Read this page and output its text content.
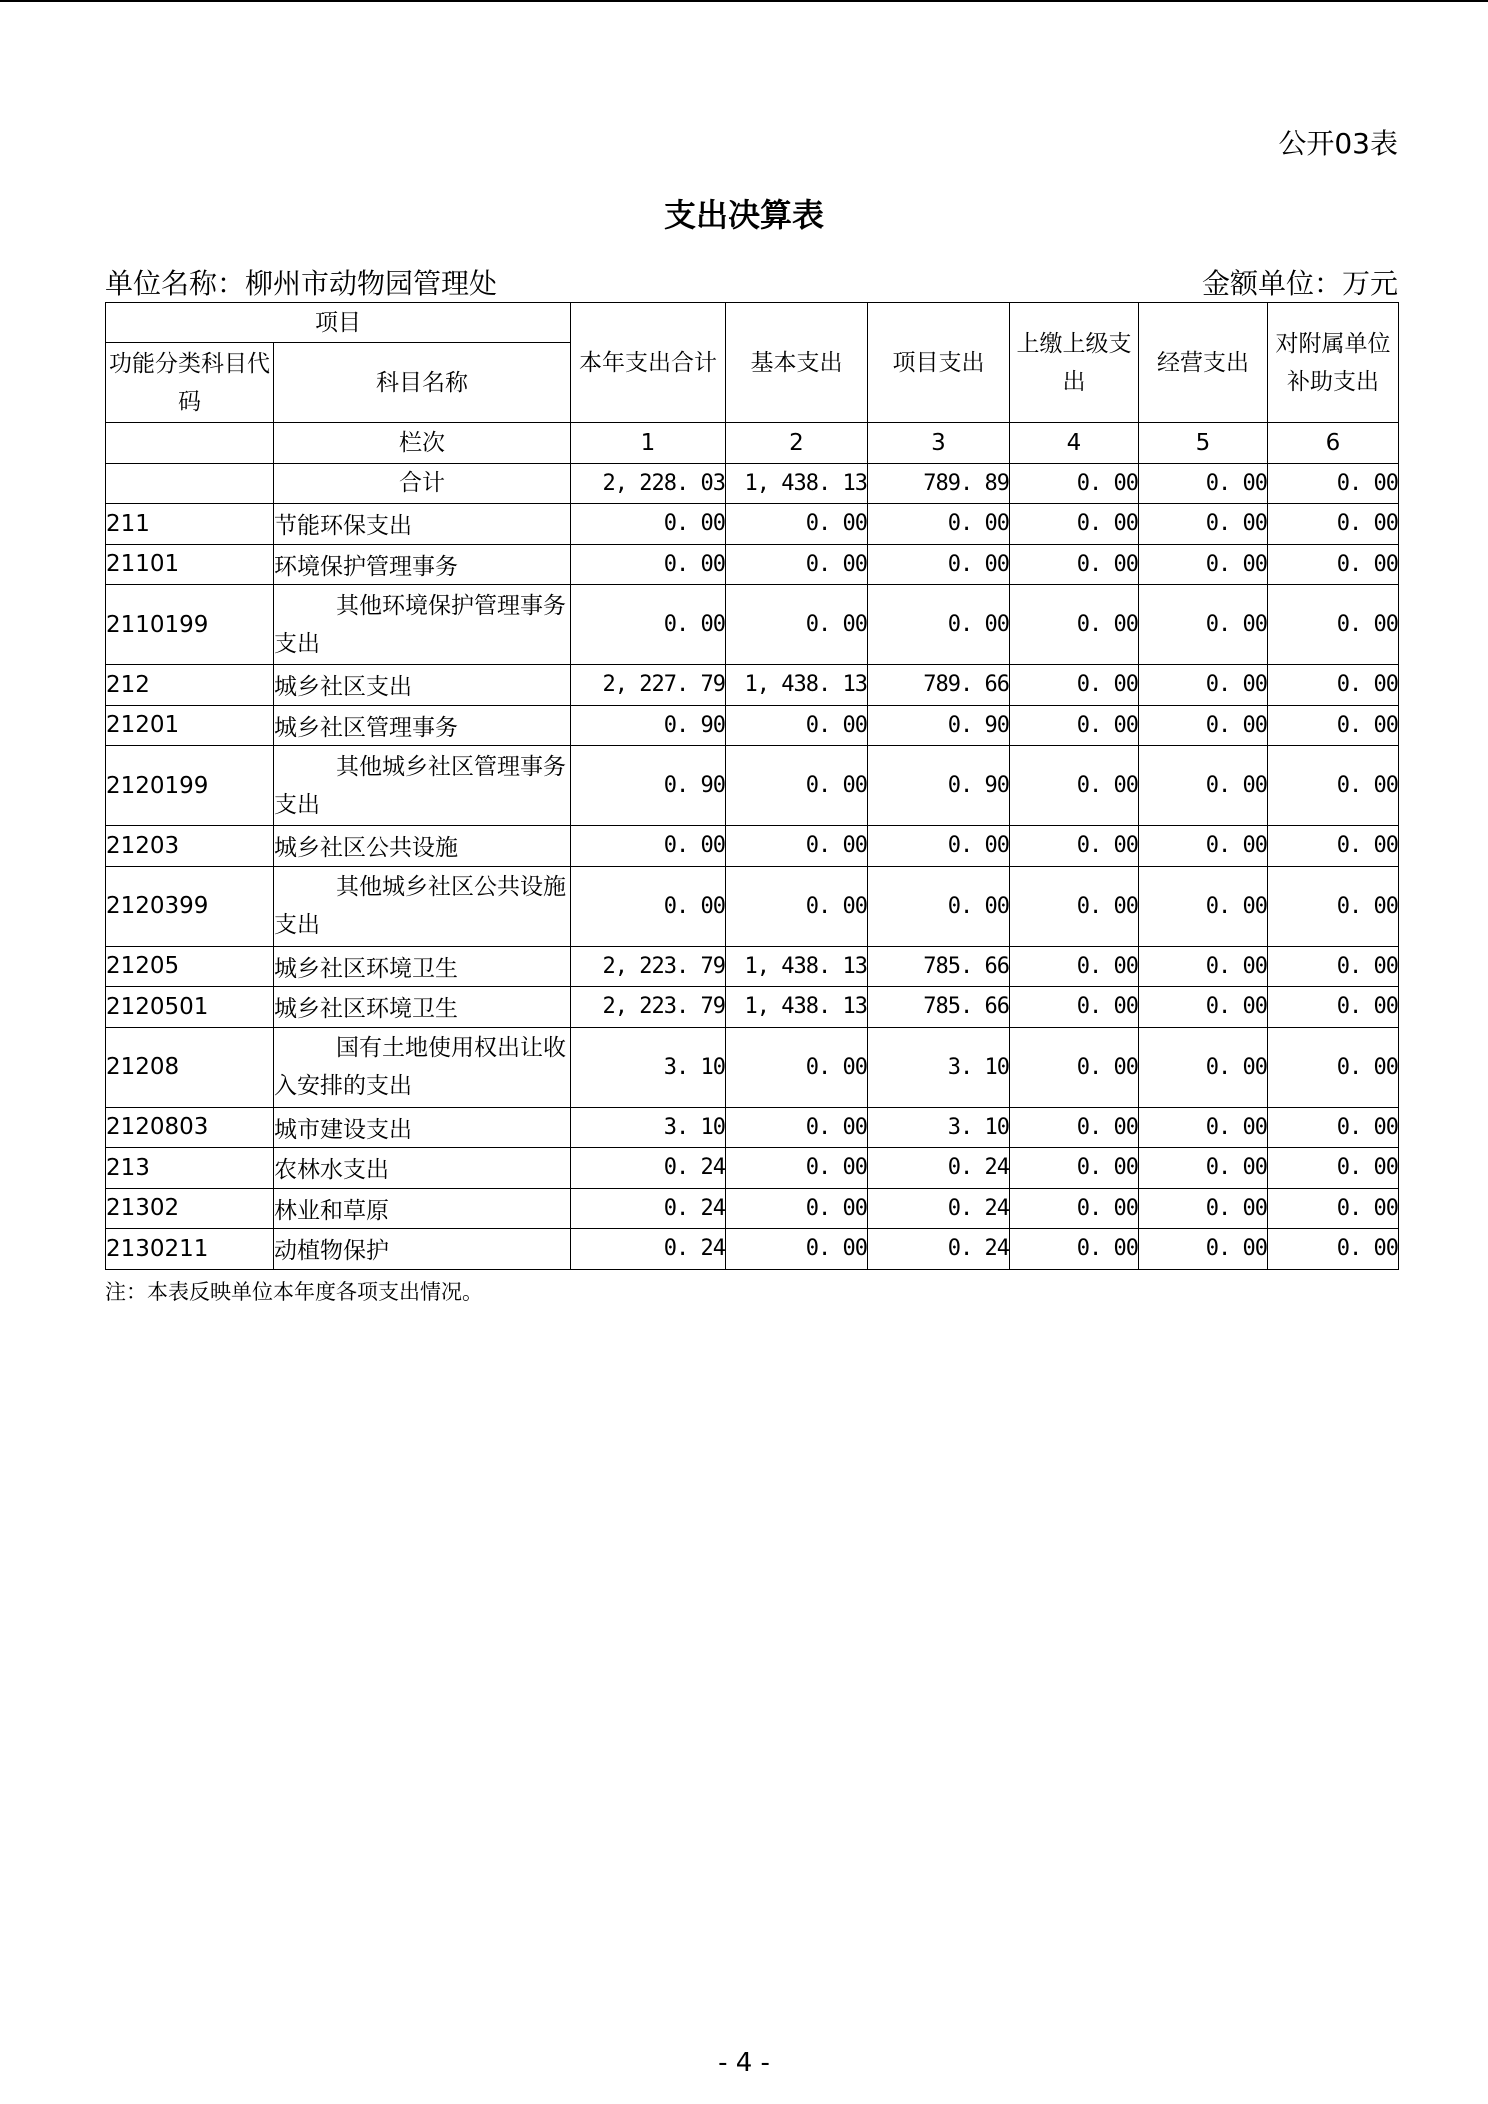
公开03表
支出决算表
单位名称：柳州市动物园管理处	金额单位：万元
项目		本年支出合计	基本支出	项目支出	上缴上级支出	经营支出	对附属单位补助支出
功能分类科目代码	科目名称						
	栏次	1	2	3	4	5	6
	合计	2, 228. 03	1, 438. 13	789. 89	0. 00	0. 00	0. 00
211	节能环保支出	0. 00	0. 00	0. 00	0. 00	0. 00	0. 00
21101	环境保护管理事务	0. 00	0. 00	0. 00	0. 00	0. 00	0. 00
2110199	其他环境保护管理事务支出	0. 00	0. 00	0. 00	0. 00	0. 00	0. 00
212	城乡社区支出	2, 227. 79	1, 438. 13	789. 66	0. 00	0. 00	0. 00
21201	城乡社区管理事务	0. 90	0. 00	0. 90	0. 00	0. 00	0. 00
2120199	其他城乡社区管理事务支出	0. 90	0. 00	0. 90	0. 00	0. 00	0. 00
21203	城乡社区公共设施	0. 00	0. 00	0. 00	0. 00	0. 00	0. 00
2120399	其他城乡社区公共设施支出	0. 00	0. 00	0. 00	0. 00	0. 00	0. 00
21205	城乡社区环境卫生	2, 223. 79	1, 438. 13	785. 66	0. 00	0. 00	0. 00
2120501	城乡社区环境卫生	2, 223. 79	1, 438. 13	785. 66	0. 00	0. 00	0. 00
21208	国有土地使用权出让收入安排的支出	3. 10	0. 00	3. 10	0. 00	0. 00	0. 00
2120803	城市建设支出	3. 10	0. 00	3. 10	0. 00	0. 00	0. 00
213	农林水支出	0. 24	0. 00	0. 24	0. 00	0. 00	0. 00
21302	林业和草原	0. 24	0. 00	0. 24	0. 00	0. 00	0. 00
2130211	动植物保护	0. 24	0. 00	0. 24	0. 00	0. 00	0. 00
注：本表反映单位本年度各项支出情况。
- 4 -
